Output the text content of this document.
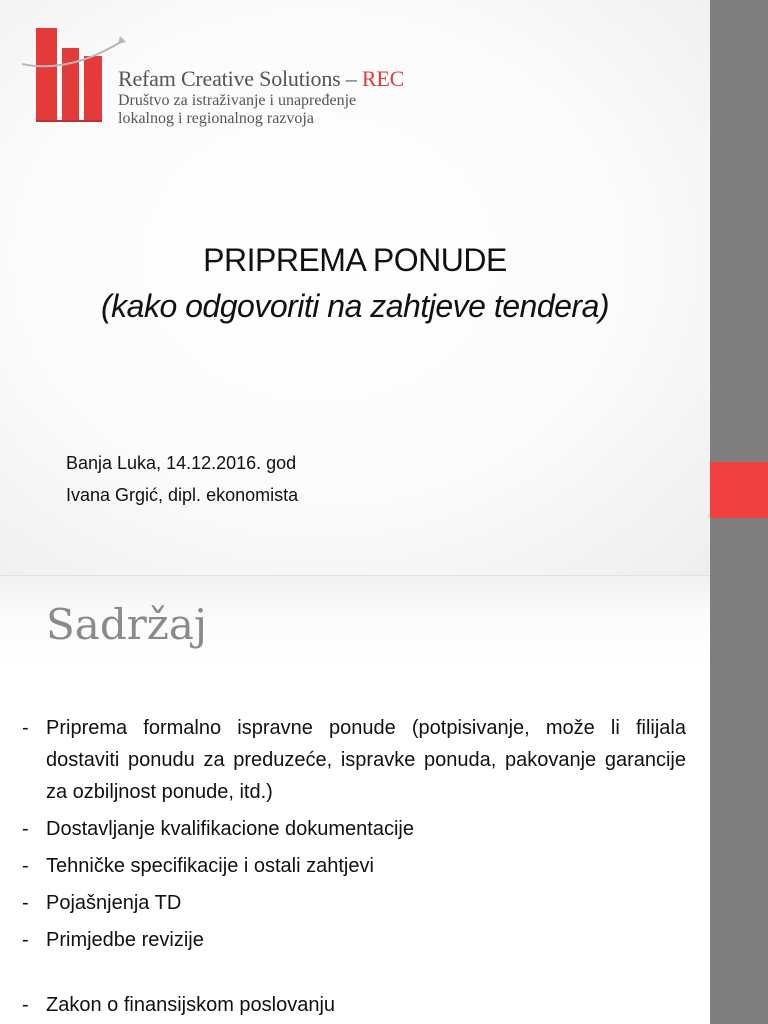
Refam Creative Solutions – REC
Društvo za istraživanje i unapređenje
lokalnog i regionalnog razvoja
PRIPREMA PONUDE
(kako odgovoriti na zahtjeve tendera)
Banja Luka, 14.12.2016. god
Ivana Grgić, dipl. ekonomista
Sadržaj
- Priprema formalno ispravne ponude (potpisivanje, može li filijala dostaviti ponudu za preduzeće, ispravke ponuda, pakovanje garancije za ozbiljnost ponude, itd.)
- Dostavljanje kvalifikacione dokumentacije
- Tehničke specifikacije i ostali zahtjevi
- Pojašnjenja TD
- Primjedbe revizije
- Zakon o finansijskom poslovanju
